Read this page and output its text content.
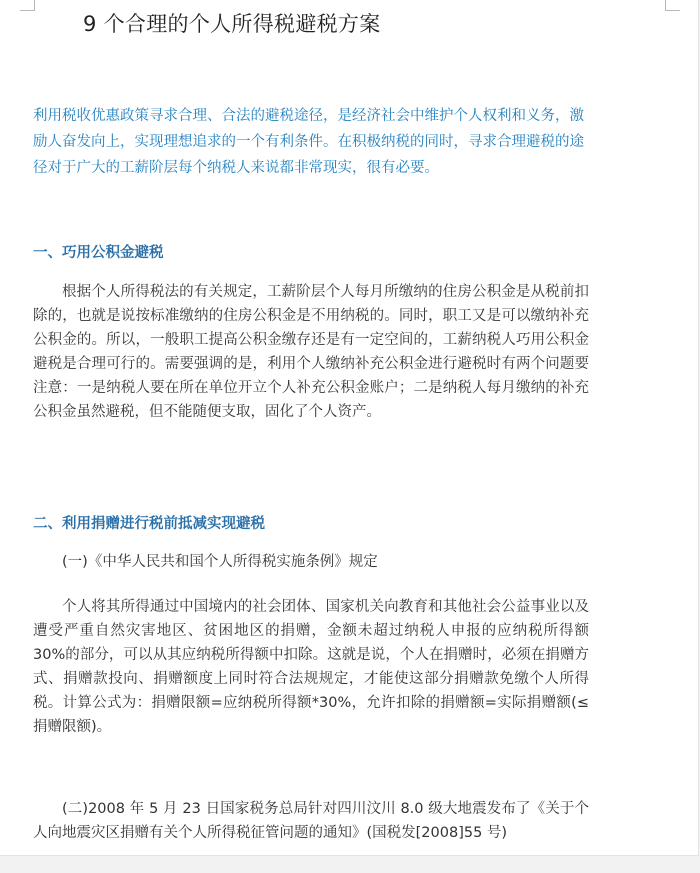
9 个合理的个人所得税避税方案

利用税收优惠政策寻求合理、合法的避税途径，是经济社会中维护个人权利和义务，激励人奋发向上，实现理想追求的一个有利条件。在积极纳税的同时，寻求合理避税的途径对于广大的工薪阶层每个纳税人来说都非常现实，很有必要。

一、巧用公积金避税

根据个人所得税法的有关规定，工薪阶层个人每月所缴纳的住房公积金是从税前扣除的，也就是说按标准缴纳的住房公积金是不用纳税的。同时，职工又是可以缴纳补充公积金的。所以，一般职工提高公积金缴存还是有一定空间的，工薪纳税人巧用公积金避税是合理可行的。需要强调的是，利用个人缴纳补充公积金进行避税时有两个问题要注意：一是纳税人要在所在单位开立个人补充公积金账户；二是纳税人每月缴纳的补充公积金虽然避税，但不能随便支取，固化了个人资产。

二、利用捐赠进行税前抵减实现避税

(一)《中华人民共和国个人所得税实施条例》规定

个人将其所得通过中国境内的社会团体、国家机关向教育和其他社会公益事业以及遭受严重自然灾害地区、贫困地区的捐赠，金额未超过纳税人申报的应纳税所得额 30%的部分，可以从其应纳税所得额中扣除。这就是说，个人在捐赠时，必须在捐赠方式、捐赠款投向、捐赠额度上同时符合法规规定，才能使这部分捐赠款免缴个人所得税。计算公式为：捐赠限额=应纳税所得额*30%，允许扣除的捐赠额=实际捐赠额(≤捐赠限额)。

(二)2008 年 5 月 23 日国家税务总局针对四川汶川 8.0 级大地震发布了《关于个人向地震灾区捐赠有关个人所得税征管问题的通知》(国税发[2008]55 号)
